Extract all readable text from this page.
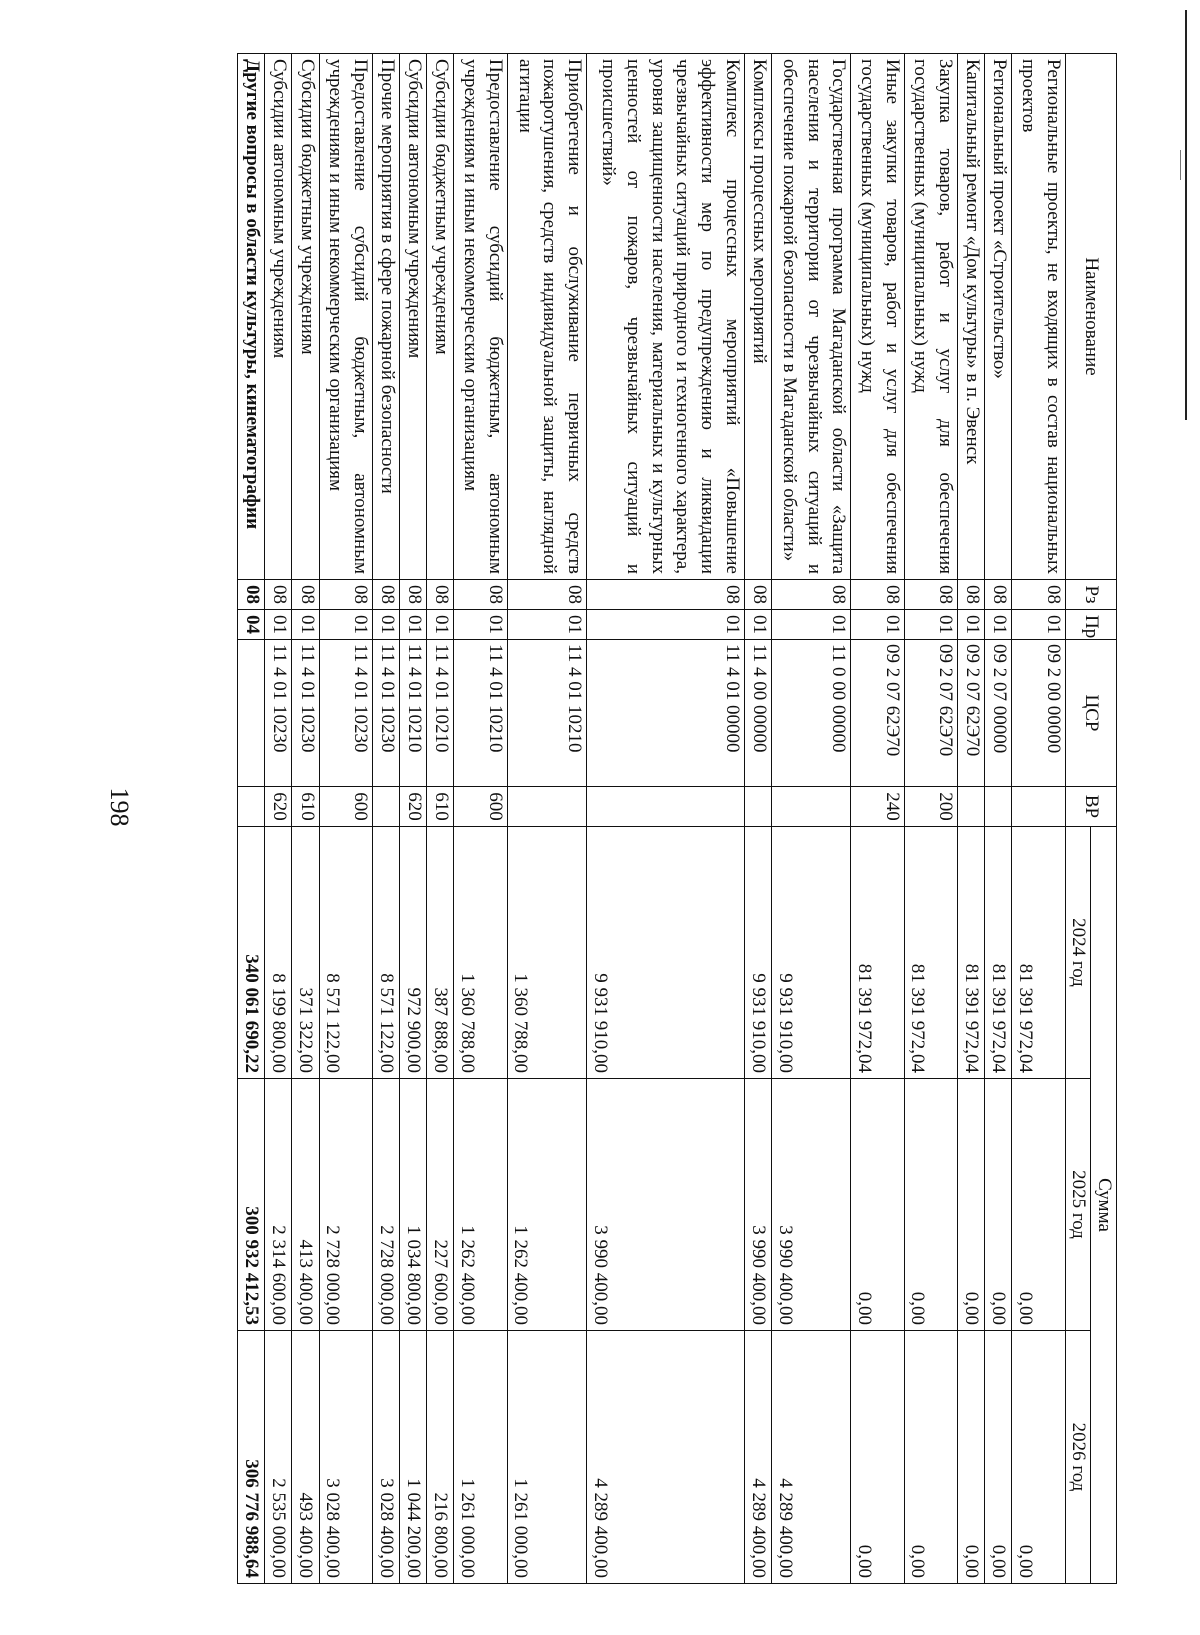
198
Наименование	Рз	Пр	ЦСР	ВР	Сумма		
					2024 год	2025 год	2026 год
Региональные проекты, не входящих в состав национальных проектов	08	01	09 2 00 00000		81 391 972,04	0,00	0,00
Региональный проект «Строительство»	08	01	09 2 07 00000		81 391 972,04	0,00	0,00
Капитальный ремонт «Дом культуры» в п. Эвенск	08	01	09 2 07 62Э70		81 391 972,04	0,00	0,00
Закупка товаров, работ и услуг для обеспечения государственных (муниципальных) нужд	08	01	09 2 07 62Э70	200	81 391 972,04	0,00	0,00
Иные закупки товаров, работ и услуг для обеспечения государственных (муниципальных) нужд	08	01	09 2 07 62Э70	240	81 391 972,04	0,00	0,00
Государственная программа Магаданской области «Защита населения и территории от чрезвычайных ситуаций и обеспечение пожарной безопасности в Магаданской области»	08	01	11 0 00 00000		9 931 910,00	3 990 400,00	4 289 400,00
Комплексы процессных мероприятий	08	01	11 4 00 00000		9 931 910,00	3 990 400,00	4 289 400,00
Комплекс процессных мероприятий «Повышение эффективности мер по предупреждению и ликвидации чрезвычайных ситуаций природного и техногенного характера, уровня защищенности населения, материальных и культурных ценностей от пожаров, чрезвычайных ситуаций и происшествий»	08	01	11 4 01 00000		9 931 910,00	3 990 400,00	4 289 400,00
Приобретение и обслуживание первичных средств пожаротушения, средств индивидуальной защиты, наглядной агитации	08	01	11 4 01 10210		1 360 788,00	1 262 400,00	1 261 000,00
Предоставление субсидий бюджетным, автономным учреждениям и иным некоммерческим организациям	08	01	11 4 01 10210	600	1 360 788,00	1 262 400,00	1 261 000,00
Субсидии бюджетным учреждениям	08	01	11 4 01 10210	610	387 888,00	227 600,00	216 800,00
Субсидии автономным учреждениям	08	01	11 4 01 10210	620	972 900,00	1 034 800,00	1 044 200,00
Прочие мероприятия в сфере пожарной безопасности	08	01	11 4 01 10230		8 571 122,00	2 728 000,00	3 028 400,00
Предоставление субсидий бюджетным, автономным учреждениям и иным некоммерческим организациям	08	01	11 4 01 10230	600	8 571 122,00	2 728 000,00	3 028 400,00
Субсидии бюджетным учреждениям	08	01	11 4 01 10230	610	371 322,00	413 400,00	493 400,00
Субсидии автономным учреждениям	08	01	11 4 01 10230	620	8 199 800,00	2 314 600,00	2 535 000,00
Другие вопросы в области культуры, кинематографии	08	04			340 061 690,22	300 932 412,53	306 776 988,64
